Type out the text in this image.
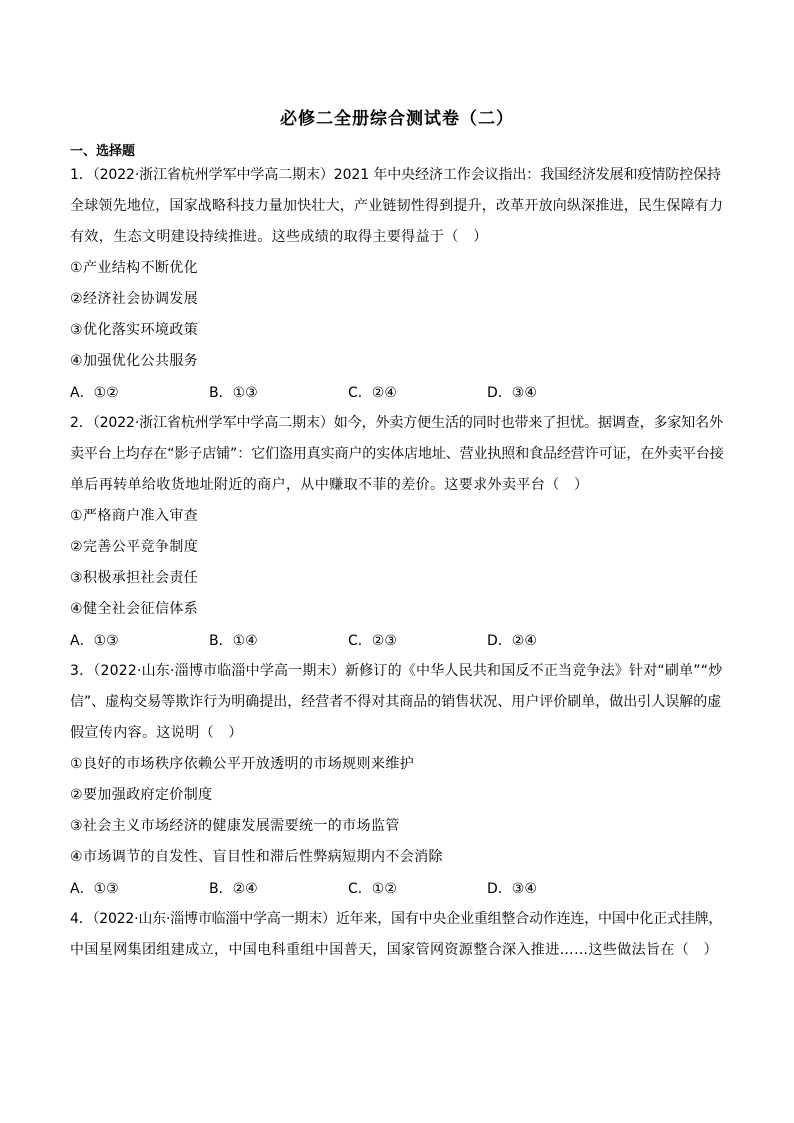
必修二全册综合测试卷（二）
一、选择题
1．（2022·浙江省杭州学军中学高二期末）2021 年中央经济工作会议指出：我国经济发展和疫情防控保持
全球领先地位，国家战略科技力量加快壮大，产业链韧性得到提升，改革开放向纵深推进，民生保障有力
有效，生态文明建设持续推进。这些成绩的取得主要得益于（　）
①产业结构不断优化
②经济社会协调发展
③优化落实环境政策
④加强优化公共服务
A．①②	B．①③	C．②④	D．③④
2．（2022·浙江省杭州学军中学高二期末）如今，外卖方便生活的同时也带来了担忧。据调查，多家知名外
卖平台上均存在“影子店铺”：它们盗用真实商户的实体店地址、营业执照和食品经营许可证，在外卖平台接
单后再转单给收货地址附近的商户，从中赚取不菲的差价。这要求外卖平台（　）
①严格商户准入审查
②完善公平竞争制度
③积极承担社会责任
④健全社会征信体系
A．①③	B．①④	C．②③	D．②④
3．（2022·山东·淄博市临淄中学高一期末）新修订的《中华人民共和国反不正当竞争法》针对“刷单”“炒
信”、虚构交易等欺诈行为明确提出，经营者不得对其商品的销售状况、用户评价刷单，做出引人误解的虚
假宣传内容。这说明（　）
①良好的市场秩序依赖公平开放透明的市场规则来维护
②要加强政府定价制度
③社会主义市场经济的健康发展需要统一的市场监管
④市场调节的自发性、盲目性和滞后性弊病短期内不会消除
A．①③	B．②④	C．①②	D．③④
4．（2022·山东·淄博市临淄中学高一期末）近年来，国有中央企业重组整合动作连连，中国中化正式挂牌，
中国星网集团组建成立，中国电科重组中国普天，国家管网资源整合深入推进……这些做法旨在（　）
